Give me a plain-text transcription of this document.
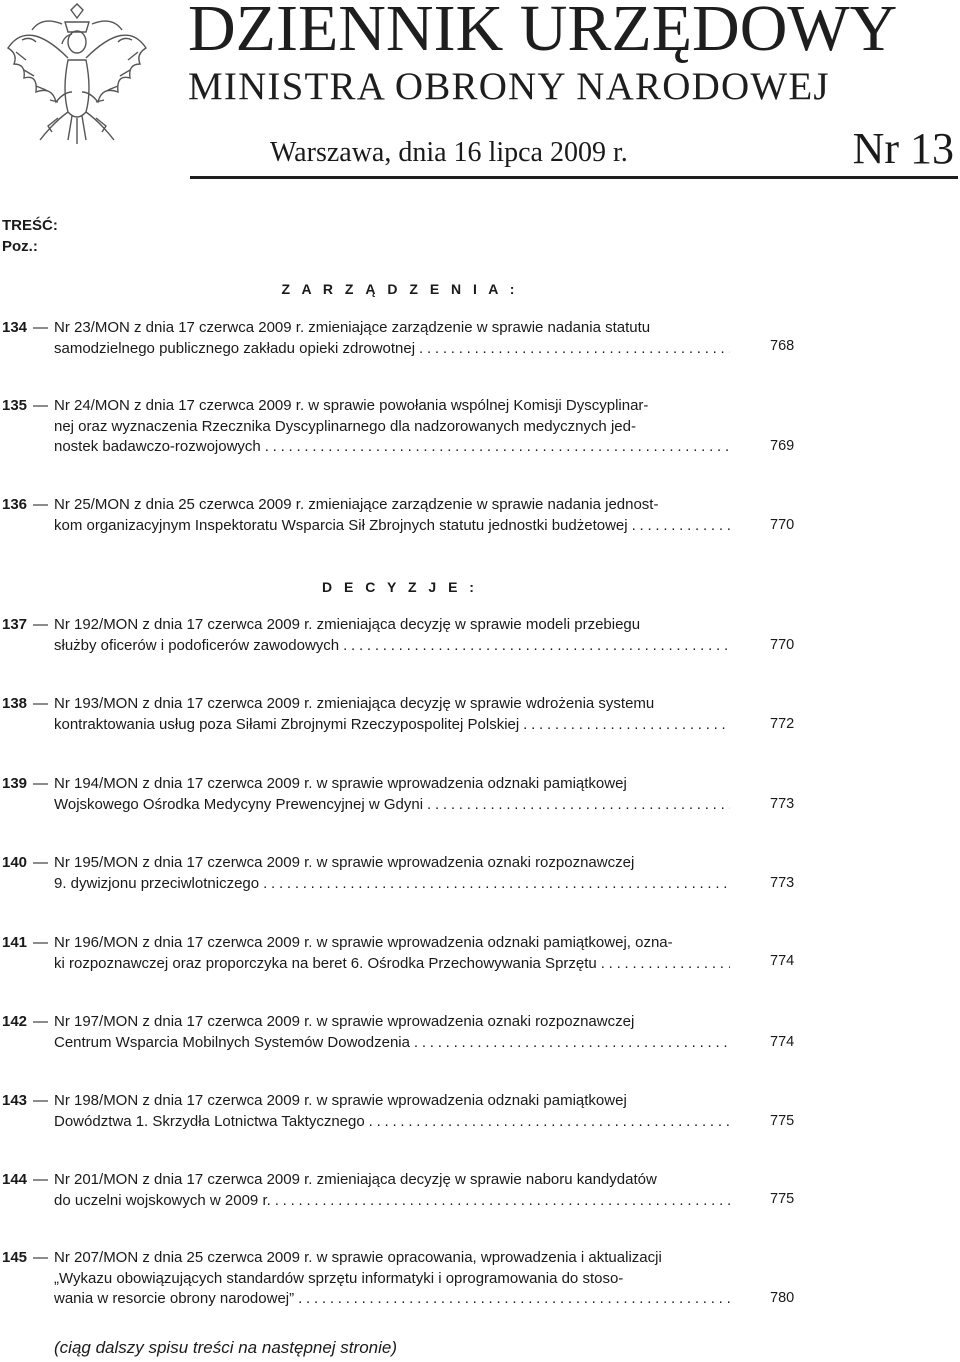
DZIENNIK URZĘDOWY
MINISTRA OBRONY NARODOWEJ
Warszawa, dnia 16 lipca 2009 r.	Nr 13
TREŚĆ:
Poz.:
Z A R Z Ą D Z E N I A :
134 — Nr 23/MON z dnia 17 czerwca 2009 r. zmieniające zarządzenie w sprawie nadania statutu
samodzielnego publicznego zakładu opieki zdrowotnej . . .	768
135 — Nr 24/MON z dnia 17 czerwca 2009 r. w sprawie powołania wspólnej Komisji Dyscyplinar-
nej oraz wyznaczenia Rzecznika Dyscyplinarnego dla nadzorowanych medycznych jed-
nostek badawczo-rozwojowych . . .	769
136 — Nr 25/MON z dnia 25 czerwca 2009 r. zmieniające zarządzenie w sprawie nadania jednost-
kom organizacyjnym Inspektoratu Wsparcia Sił Zbrojnych statutu jednostki budżetowej . . .	770
D E C Y Z J E :
137 — Nr 192/MON z dnia 17 czerwca 2009 r. zmieniająca decyzję w sprawie modeli przebiegu
służby oficerów i podoficerów zawodowych . . .	770
138 — Nr 193/MON z dnia 17 czerwca 2009 r. zmieniająca decyzję w sprawie wdrożenia systemu
kontraktowania usług poza Siłami Zbrojnymi Rzeczypospolitej Polskiej . . .	772
139 — Nr 194/MON z dnia 17 czerwca 2009 r. w sprawie wprowadzenia odznaki pamiątkowej
Wojskowego Ośrodka Medycyny Prewencyjnej w Gdyni . . .	773
140 — Nr 195/MON z dnia 17 czerwca 2009 r. w sprawie wprowadzenia oznaki rozpoznawczej
9. dywizjonu przeciwlotniczego . . .	773
141 — Nr 196/MON z dnia 17 czerwca 2009 r. w sprawie wprowadzenia odznaki pamiątkowej, ozna-
ki rozpoznawczej oraz proporczyka na beret 6. Ośrodka Przechowywania Sprzętu . . .	774
142 — Nr 197/MON z dnia 17 czerwca 2009 r. w sprawie wprowadzenia oznaki rozpoznawczej
Centrum Wsparcia Mobilnych Systemów Dowodzenia . . .	774
143 — Nr 198/MON z dnia 17 czerwca 2009 r. w sprawie wprowadzenia odznaki pamiątkowej
Dowództwa 1. Skrzydła Lotnictwa Taktycznego . . .	775
144 — Nr 201/MON z dnia 17 czerwca 2009 r. zmieniająca decyzję w sprawie naboru kandydatów
do uczelni wojskowych w 2009 r. . . .	775
145 — Nr 207/MON z dnia 25 czerwca 2009 r. w sprawie opracowania, wprowadzenia i aktualizacji
„Wykazu obowiązujących standardów sprzętu informatyki i oprogramowania do stoso-
wania w resorcie obrony narodowej” . . .	780
(ciąg dalszy spisu treści na następnej stronie)
